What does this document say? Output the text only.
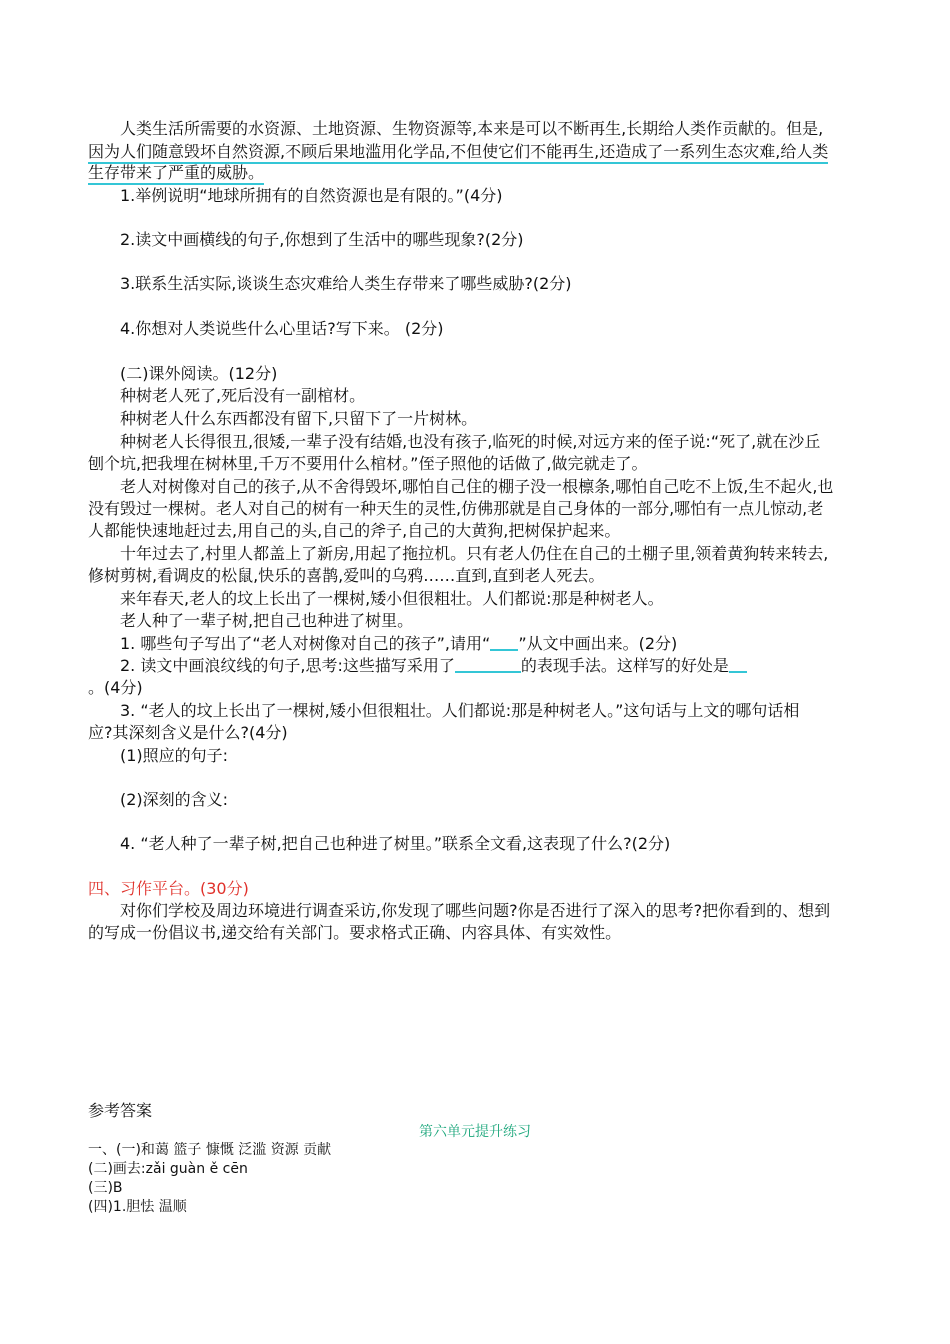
人类生活所需要的水资源、土地资源、生物资源等,本来是可以不断再生,长期给人类作贡献的。但是,
因为人们随意毁坏自然资源,不顾后果地滥用化学品,不但使它们不能再生,还造成了一系列生态灾难,给人类
生存带来了严重的威胁。
1.举例说明“地球所拥有的自然资源也是有限的。”(4分)
2.读文中画横线的句子,你想到了生活中的哪些现象?(2分)
3.联系生活实际,谈谈生态灾难给人类生存带来了哪些威胁?(2分)
4.你想对人类说些什么心里话?写下来。 (2分)
(二)课外阅读。(12分)
种树老人死了,死后没有一副棺材。
种树老人什么东西都没有留下,只留下了一片树林。
种树老人长得很丑,很矮,一辈子没有结婚,也没有孩子,临死的时候,对远方来的侄子说:“死了,就在沙丘
刨个坑,把我埋在树林里,千万不要用什么棺材。”侄子照他的话做了,做完就走了。
老人对树像对自己的孩子,从不舍得毁坏,哪怕自己住的棚子没一根檩条,哪怕自己吃不上饭,生不起火,也
没有毁过一棵树。老人对自己的树有一种天生的灵性,仿佛那就是自己身体的一部分,哪怕有一点儿惊动,老
人都能快速地赶过去,用自己的头,自己的斧子,自己的大黄狗,把树保护起来。
十年过去了,村里人都盖上了新房,用起了拖拉机。只有老人仍住在自己的土棚子里,领着黄狗转来转去,
修树剪树,看调皮的松鼠,快乐的喜鹊,爱叫的乌鸦……直到,直到老人死去。
来年春天,老人的坟上长出了一棵树,矮小但很粗壮。人们都说:那是种树老人。
老人种了一辈子树,把自己也种进了树里。
1. 哪些句子写出了“老人对树像对自己的孩子”,请用“ ”从文中画出来。(2分)
2. 读文中画浪纹线的句子,思考:这些描写采用了	的表现手法。这样写的好处是
。(4分)
3. “老人的坟上长出了一棵树,矮小但很粗壮。人们都说:那是种树老人。”这句话与上文的哪句话相
应?其深刻含义是什么?(4分)
(1)照应的句子:
(2)深刻的含义:
4. “老人种了一辈子树,把自己也种进了树里。”联系全文看,这表现了什么?(2分)
四、习作平台。(30分)
对你们学校及周边环境进行调查采访,你发现了哪些问题?你是否进行了深入的思考?把你看到的、想到
的写成一份倡议书,递交给有关部门。要求格式正确、内容具体、有实效性。
参考答案
第六单元提升练习
一、(一)和蔼 篮子 慷慨 泛滥 资源 贡献
(二)画去:zǎi guàn ě cēn
(三)B
(四)1.胆怯 温顺
